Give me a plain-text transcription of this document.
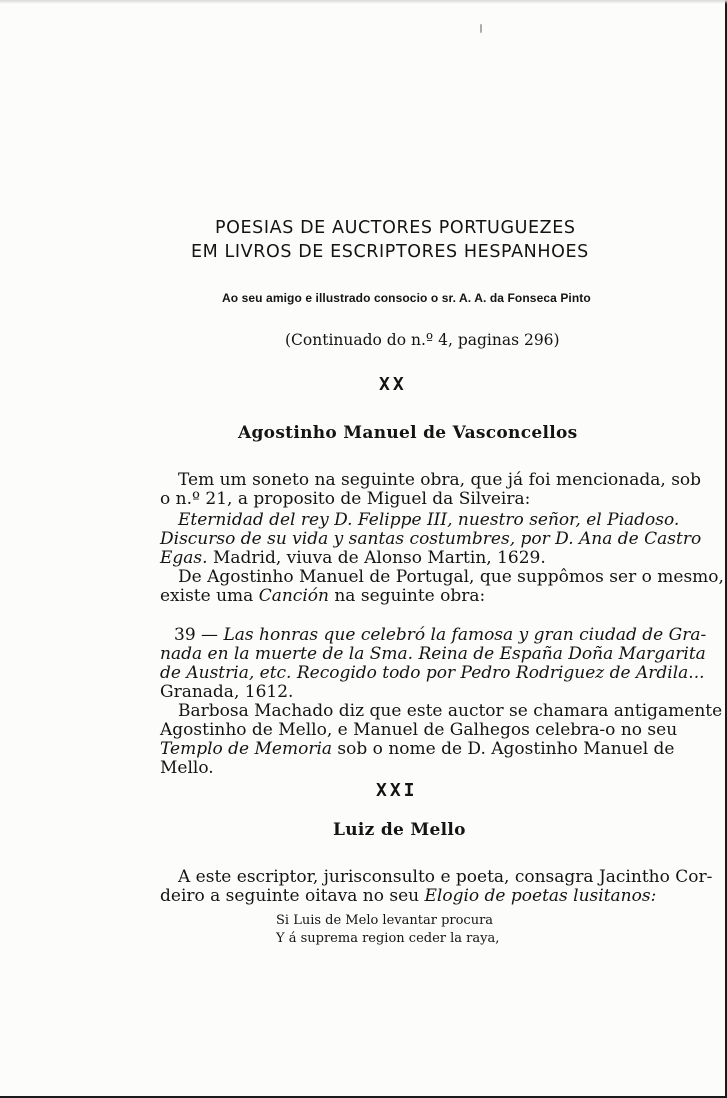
POESIAS DE AUCTORES PORTUGUEZES
EM LIVROS DE ESCRIPTORES HESPANHOES
Ao seu amigo e illustrado consocio o sr. A. A. da Fonseca Pinto
(Continuado do n.º 4, paginas 296)
XX
Agostinho Manuel de Vasconcellos
Tem um soneto na seguinte obra, que já foi mencionada, sob
o n.º 21, a proposito de Miguel da Silveira:
Eternidad del rey D. Felippe III, nuestro señor, el Piadoso.
Discurso de su vida y santas costumbres, por D. Ana de Castro
Egas. Madrid, viuva de Alonso Martin, 1629.
De Agostinho Manuel de Portugal, que suppômos ser o mesmo,
existe uma Canción na seguinte obra:
39 — Las honras que celebró la famosa y gran ciudad de Gra-
nada en la muerte de la Sma. Reina de España Doña Margarita
de Austria, etc. Recogido todo por Pedro Rodriguez de Ardila...
Granada, 1612.
Barbosa Machado diz que este auctor se chamara antigamente
Agostinho de Mello, e Manuel de Galhegos celebra-o no seu
Templo de Memoria sob o nome de D. Agostinho Manuel de
Mello.
XXI
Luiz de Mello
A este escriptor, jurisconsulto e poeta, consagra Jacintho Cor-
deiro a seguinte oitava no seu Elogio de poetas lusitanos:
Si Luis de Melo levantar procura
Y á suprema region ceder la raya,
